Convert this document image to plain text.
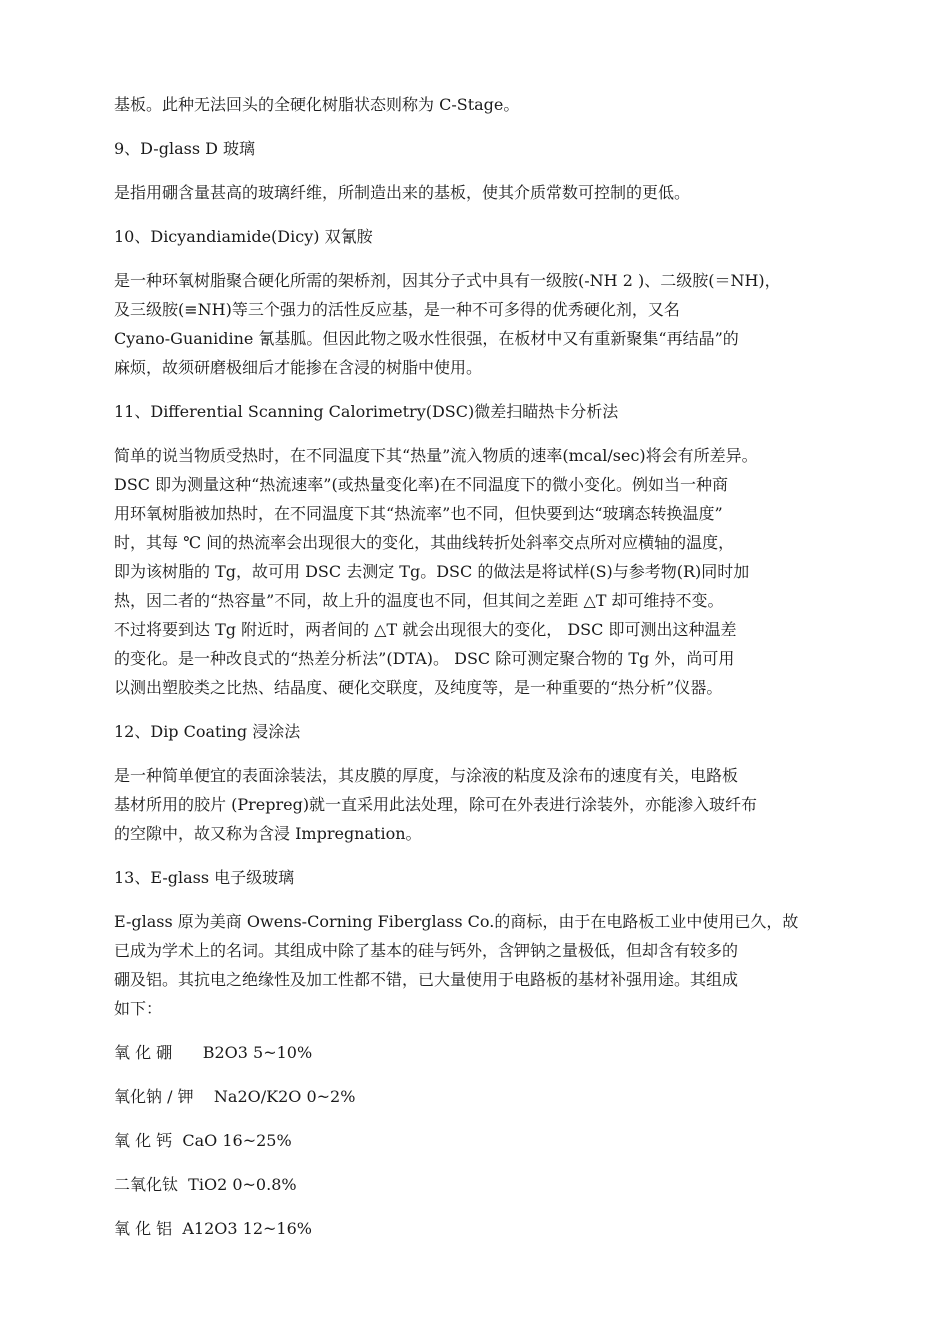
基板。此种无法回头的全硬化树脂状态则称为 C-Stage。

9、D-glass D 玻璃

是指用硼含量甚高的玻璃纤维，所制造出来的基板，使其介质常数可控制的更低。

10、Dicyandiamide(Dicy) 双氰胺

是一种环氧树脂聚合硬化所需的架桥剂，因其分子式中具有一级胺(-NH 2 )、二级胺(＝NH)，

及三级胺(≡NH)等三个强力的活性反应基，是一种不可多得的优秀硬化剂，又名

Cyano-Guanidine 氰基胍。但因此物之吸水性很强，在板材中又有重新聚集“再结晶”的

麻烦，故须研磨极细后才能掺在含浸的树脂中使用。

11、Differential Scanning Calorimetry(DSC)微差扫瞄热卡分析法

简单的说当物质受热时，在不同温度下其“热量”流入物质的速率(mcal/sec)将会有所差异。

DSC 即为测量这种“热流速率”(或热量变化率)在不同温度下的微小变化。例如当一种商

用环氧树脂被加热时，在不同温度下其“热流率”也不同，但快要到达“玻璃态转换温度”

时，其每 ℃ 间的热流率会出现很大的变化，其曲线转折处斜率交点所对应横轴的温度，

即为该树脂的 Tg，故可用 DSC 去测定 Tg。DSC 的做法是将试样(S)与参考物(R)同时加

热，因二者的“热容量”不同，故上升的温度也不同，但其间之差距 △T 却可维持不变。

不过将要到达 Tg 附近时，两者间的 △T 就会出现很大的变化， DSC 即可测出这种温差

的变化。是一种改良式的“热差分析法”(DTA)。 DSC 除可测定聚合物的 Tg 外，尚可用

以测出塑胶类之比热、结晶度、硬化交联度，及纯度等，是一种重要的“热分析”仪器。

12、Dip Coating 浸涂法

是一种简单便宜的表面涂装法，其皮膜的厚度，与涂液的粘度及涂布的速度有关，电路板

基材所用的胶片 (Prepreg)就一直采用此法处理，除可在外表进行涂装外，亦能渗入玻纤布

的空隙中，故又称为含浸 Impregnation。

13、E-glass 电子级玻璃

E-glass 原为美商 Owens-Corning Fiberglass Co.的商标，由于在电路板工业中使用已久，故

已成为学术上的名词。其组成中除了基本的硅与钙外，含钾钠之量极低，但却含有较多的

硼及铝。其抗电之绝缘性及加工性都不错，已大量使用于电路板的基材补强用途。其组成

如下：

氧 化 硼      B2O3 5~10%

氧化钠 / 钾    Na2O/K2O 0~2%

氧 化 钙  CaO 16~25%

二氧化钛  TiO2 0~0.8%

氧 化 铝  A12O3 12~16%
